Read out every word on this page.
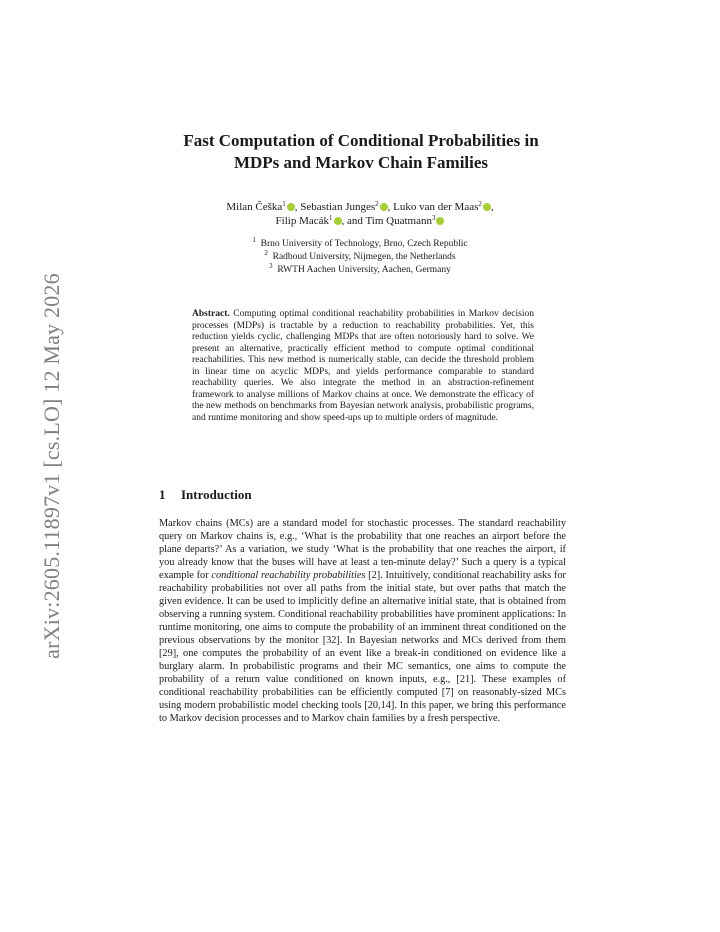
arXiv:2605.11897v1 [cs.LO] 12 May 2026
Fast Computation of Conditional Probabilities in
MDPs and Markov Chain Families
Milan Češka$^1$ , Sebastian Junges$^2$ , Luko van der Maas$^2$ ,
Filip Macák$^1$ , and Tim Quatmann$^3$
$^1$ Brno University of Technology, Brno, Czech Republic
$^2$ Radboud University, Nijmegen, the Netherlands
$^3$ RWTH Aachen University, Aachen, Germany
Abstract. Computing optimal conditional reachability probabilities in Markov decision processes (MDPs) is tractable by a reduction to reachability probabilities. Yet, this reduction yields cyclic, challenging MDPs that are often notoriously hard to solve. We present an alternative, practically efficient method to compute optimal conditional reachabilities. This new method is numerically stable, can decide the threshold problem in linear time on acyclic MDPs, and yields performance comparable to standard reachability queries. We also integrate the method in an abstraction-refinement framework to analyse millions of Markov chains at once. We demonstrate the efficacy of the new methods on benchmarks from Bayesian network analysis, probabilistic programs, and runtime monitoring and show speed-ups up to multiple orders of magnitude.
1 Introduction
Markov chains (MCs) are a standard model for stochastic processes. The standard reachability query on Markov chains is, e.g., ‘What is the probability that one reaches an airport before the plane departs?’ As a variation, we study ‘What is the probability that one reaches the airport, if you already know that the buses will have at least a ten-minute delay?’ Such a query is a typical example for conditional reachability probabilities [2]. Intuitively, conditional reachability asks for reachability probabilities not over all paths from the initial state, but over paths that match the given evidence. It can be used to implicitly define an alternative initial state, that is obtained from observing a running system. Conditional reachability probabilities have prominent applications: In runtime monitoring, one aims to compute the probability of an imminent threat conditioned on the previous observations by the monitor [32]. In Bayesian networks and MCs derived from them [29], one computes the probability of an event like a break-in conditioned on evidence like a burglary alarm. In probabilistic programs and their MC semantics, one aims to compute the probability of a return value conditioned on known inputs, e.g., [21]. These examples of conditional reachability probabilities can be efficiently computed [7] on reasonably-sized MCs using modern probabilistic model checking tools [20,14]. In this paper, we bring this performance to Markov decision processes and to Markov chain families by a fresh perspective.
